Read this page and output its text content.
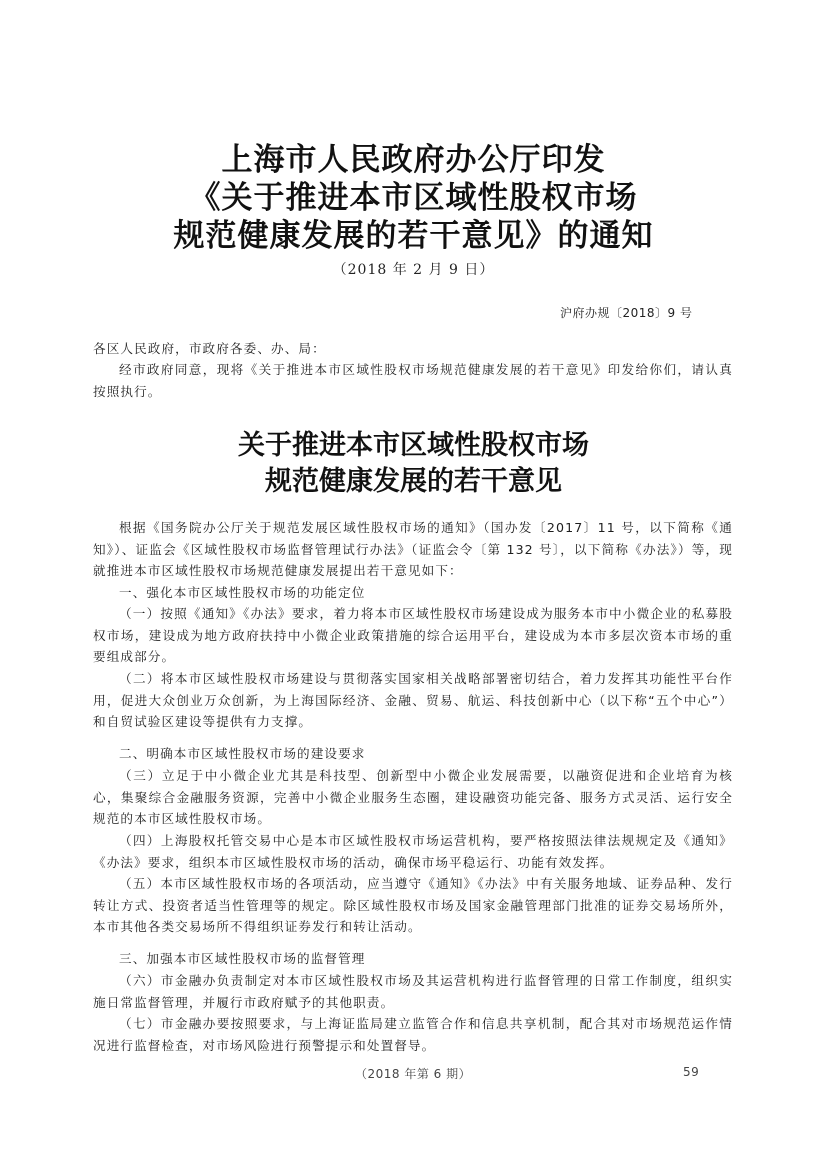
上海市人民政府办公厅印发
《关于推进本市区域性股权市场
规范健康发展的若干意见》的通知
（2018 年 2 月 9 日）
沪府办规〔2018〕9 号
各区人民政府，市政府各委、办、局：
经市政府同意，现将《关于推进本市区域性股权市场规范健康发展的若干意见》印发给你们，请认真按照执行。
关于推进本市区域性股权市场
规范健康发展的若干意见
根据《国务院办公厅关于规范发展区域性股权市场的通知》（国办发〔2017〕11 号，以下简称《通知》）、证监会《区域性股权市场监督管理试行办法》（证监会令〔第 132 号〕，以下简称《办法》）等，现就推进本市区域性股权市场规范健康发展提出若干意见如下：
一、强化本市区域性股权市场的功能定位
（一）按照《通知》《办法》要求，着力将本市区域性股权市场建设成为服务本市中小微企业的私募股权市场，建设成为地方政府扶持中小微企业政策措施的综合运用平台，建设成为本市多层次资本市场的重要组成部分。
（二）将本市区域性股权市场建设与贯彻落实国家相关战略部署密切结合，着力发挥其功能性平台作用，促进大众创业万众创新，为上海国际经济、金融、贸易、航运、科技创新中心（以下称“五个中心”）和自贸试验区建设等提供有力支撑。
二、明确本市区域性股权市场的建设要求
（三）立足于中小微企业尤其是科技型、创新型中小微企业发展需要，以融资促进和企业培育为核心，集聚综合金融服务资源，完善中小微企业服务生态圈，建设融资功能完备、服务方式灵活、运行安全规范的本市区域性股权市场。
（四）上海股权托管交易中心是本市区域性股权市场运营机构，要严格按照法律法规规定及《通知》《办法》要求，组织本市区域性股权市场的活动，确保市场平稳运行、功能有效发挥。
（五）本市区域性股权市场的各项活动，应当遵守《通知》《办法》中有关服务地域、证券品种、发行转让方式、投资者适当性管理等的规定。除区域性股权市场及国家金融管理部门批准的证券交易场所外，本市其他各类交易场所不得组织证券发行和转让活动。
三、加强本市区域性股权市场的监督管理
（六）市金融办负责制定对本市区域性股权市场及其运营机构进行监督管理的日常工作制度，组织实施日常监督管理，并履行市政府赋予的其他职责。
（七）市金融办要按照要求，与上海证监局建立监管合作和信息共享机制，配合其对市场规范运作情况进行监督检查，对市场风险进行预警提示和处置督导。
（2018 年第 6 期）	59
